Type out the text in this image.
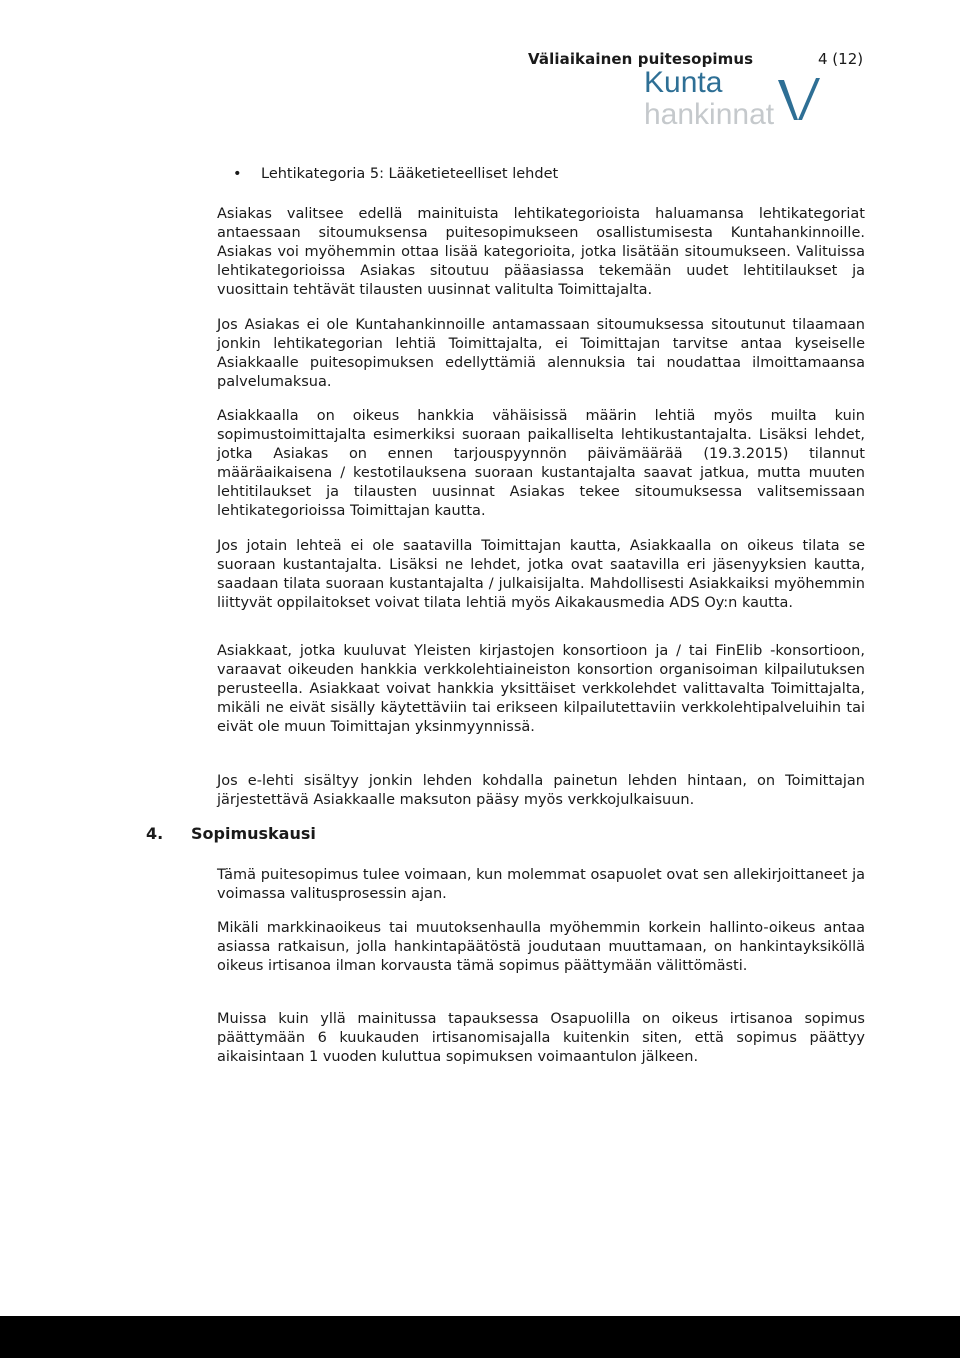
Väliaikainen puitesopimus	4 (12)
Kunta
hankinnat
• Lehtikategoria 5: Lääketieteelliset lehdet

Asiakas valitsee edellä mainituista lehtikategorioista haluamansa lehtikategoriat antaessaan sitoumuksensa puitesopimukseen osallistumisesta Kuntahankinnoille. Asiakas voi myöhemmin ottaa lisää kategorioita, jotka lisätään sitoumukseen. Valituissa lehtikategorioissa Asiakas sitoutuu pääasiassa tekemään uudet lehtitilaukset ja vuosittain tehtävät tilausten uusinnat valitulta Toimittajalta.

Jos Asiakas ei ole Kuntahankinnoille antamassaan sitoumuksessa sitoutunut tilaamaan jonkin lehtikategorian lehtiä Toimittajalta, ei Toimittajan tarvitse antaa kyseiselle Asiakkaalle puitesopimuksen edellyttämiä alennuksia tai noudattaa ilmoittamaansa palvelumaksua.

Asiakkaalla on oikeus hankkia vähäisissä määrin lehtiä myös muilta kuin sopimustoimittajalta esimerkiksi suoraan paikalliselta lehtikustantajalta. Lisäksi lehdet, jotka Asiakas on ennen tarjouspyynnön päivämäärää (19.3.2015) tilannut määräaikaisena / kestotilauksena suoraan kustantajalta saavat jatkua, mutta muuten lehtitilaukset ja tilausten uusinnat Asiakas tekee sitoumuksessa valitsemissaan lehtikategorioissa Toimittajan kautta.

Jos jotain lehteä ei ole saatavilla Toimittajan kautta, Asiakkaalla on oikeus tilata se suoraan kustantajalta. Lisäksi ne lehdet, jotka ovat saatavilla eri jäsenyyksien kautta, saadaan tilata suoraan kustantajalta / julkaisijalta. Mahdollisesti Asiakkaiksi myöhemmin liittyvät oppilaitokset voivat tilata lehtiä myös Aikakausmedia ADS Oy:n kautta.

Asiakkaat, jotka kuuluvat Yleisten kirjastojen konsortioon ja / tai FinElib -konsortioon, varaavat oikeuden hankkia verkkolehtiaineiston konsortion organisoiman kilpailutuksen perusteella. Asiakkaat voivat hankkia yksittäiset verkkolehdet valittavalta Toimittajalta, mikäli ne eivät sisälly käytettäviin tai erikseen kilpailutettaviin verkkolehtipalveluihin tai eivät ole muun Toimittajan yksinmyynnissä.

Jos e-lehti sisältyy jonkin lehden kohdalla painetun lehden hintaan, on Toimittajan järjestettävä Asiakkaalle maksuton pääsy myös verkkojulkaisuun.

4. Sopimuskausi

Tämä puitesopimus tulee voimaan, kun molemmat osapuolet ovat sen allekirjoittaneet ja voimassa valitusprosessin ajan.

Mikäli markkinaoikeus tai muutoksenhaulla myöhemmin korkein hallinto-oikeus antaa asiassa ratkaisun, jolla hankintapäätöstä joudutaan muuttamaan, on hankintayksiköllä oikeus irtisanoa ilman korvausta tämä sopimus päättymään välittömästi.

Muissa kuin yllä mainitussa tapauksessa Osapuolilla on oikeus irtisanoa sopimus päättymään 6 kuukauden irtisanomisajalla kuitenkin siten, että sopimus päättyy aikaisintaan 1 vuoden kuluttua sopimuksen voimaantulon jälkeen.
